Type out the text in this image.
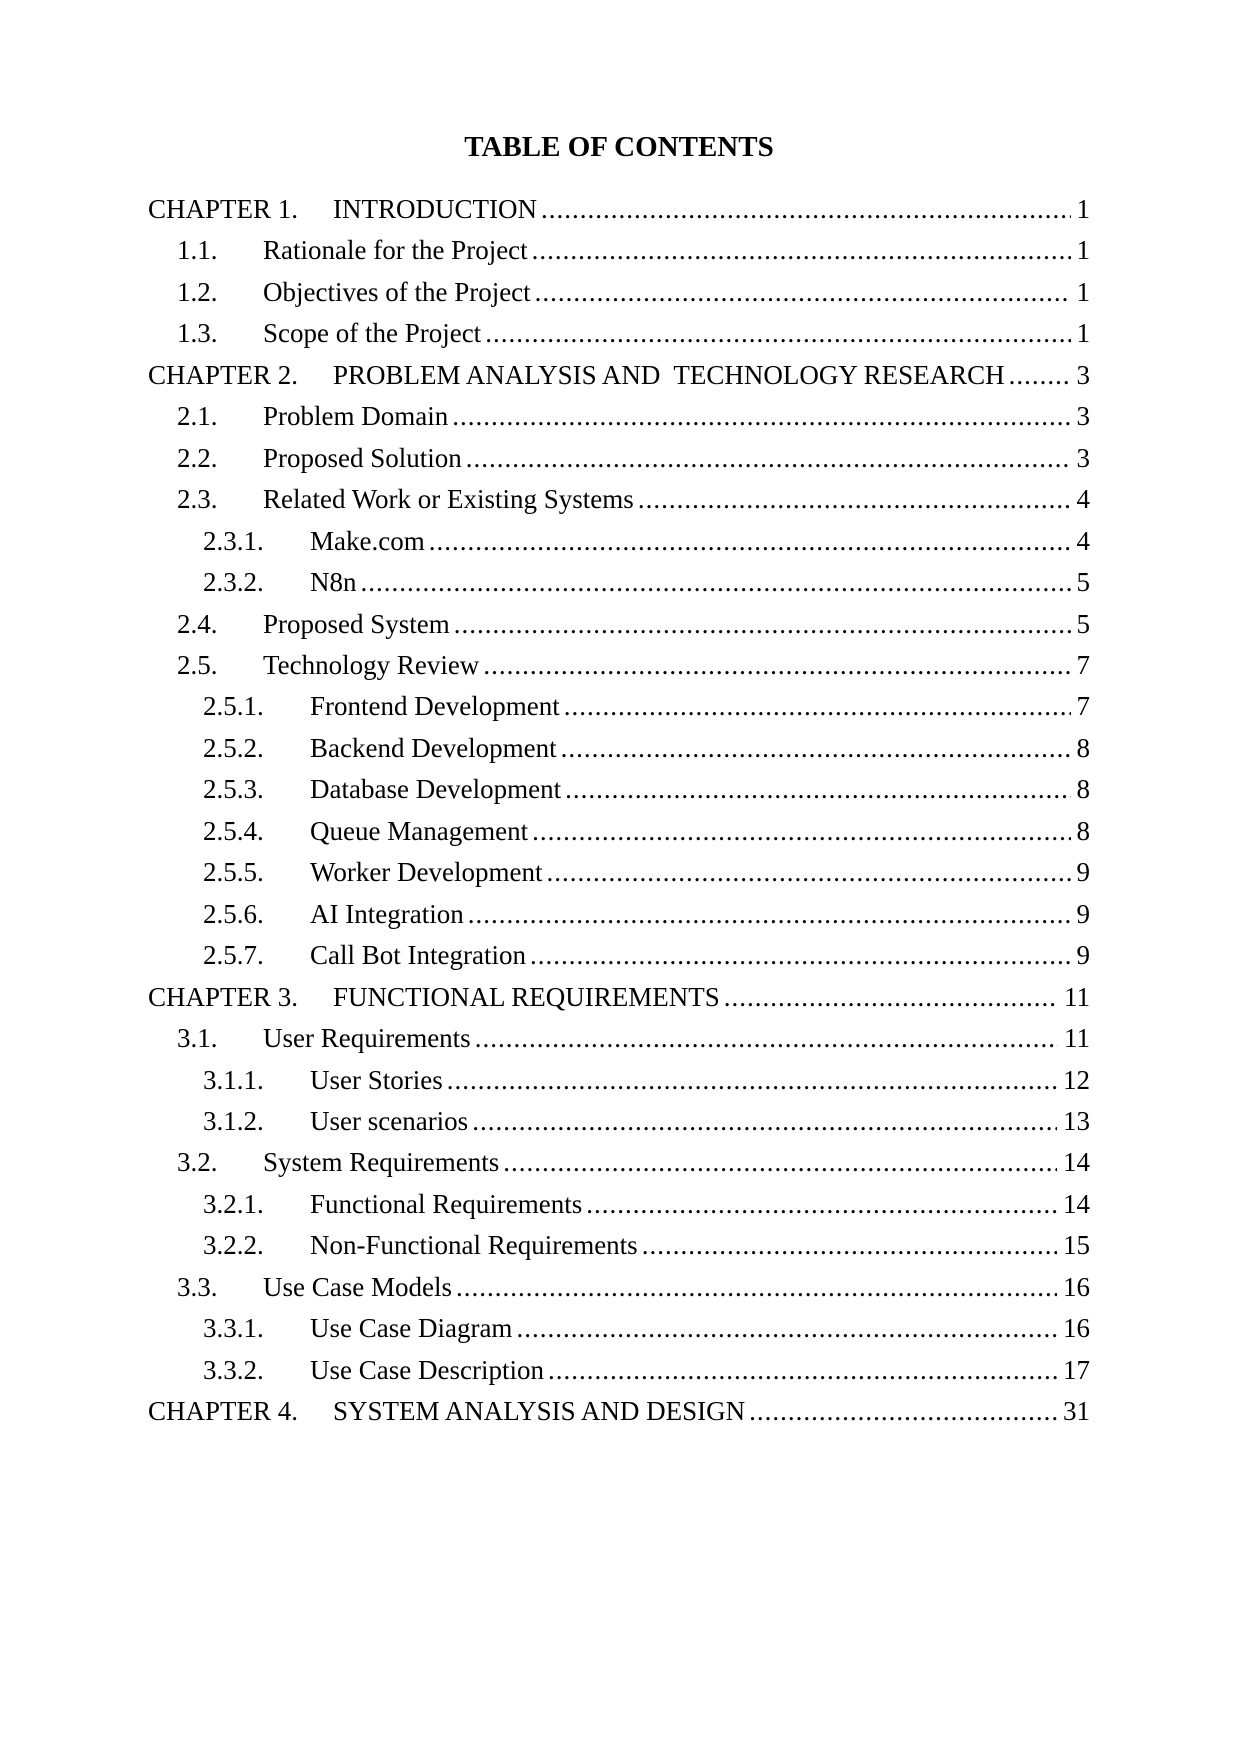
TABLE OF CONTENTS
CHAPTER 1.	INTRODUCTION .....	1
1.1.	Rationale for the Project .....	1
1.2.	Objectives of the Project .....	1
1.3.	Scope of the Project .....	1
CHAPTER 2.	PROBLEM ANALYSIS AND  TECHNOLOGY RESEARCH .....	3
2.1.	Problem Domain .....	3
2.2.	Proposed Solution .....	3
2.3.	Related Work or Existing Systems .....	4
2.3.1.	Make.com .....	4
2.3.2.	N8n .....	5
2.4.	Proposed System .....	5
2.5.	Technology Review .....	7
2.5.1.	Frontend Development .....	7
2.5.2.	Backend Development .....	8
2.5.3.	Database Development .....	8
2.5.4.	Queue Management .....	8
2.5.5.	Worker Development .....	9
2.5.6.	AI Integration .....	9
2.5.7.	Call Bot Integration .....	9
CHAPTER 3.	FUNCTIONAL REQUIREMENTS .....	11
3.1.	User Requirements .....	11
3.1.1.	User Stories .....	12
3.1.2.	User scenarios .....	13
3.2.	System Requirements .....	14
3.2.1.	Functional Requirements .....	14
3.2.2.	Non-Functional Requirements .....	15
3.3.	Use Case Models .....	16
3.3.1.	Use Case Diagram .....	16
3.3.2.	Use Case Description .....	17
CHAPTER 4.	SYSTEM ANALYSIS AND DESIGN .....	31
